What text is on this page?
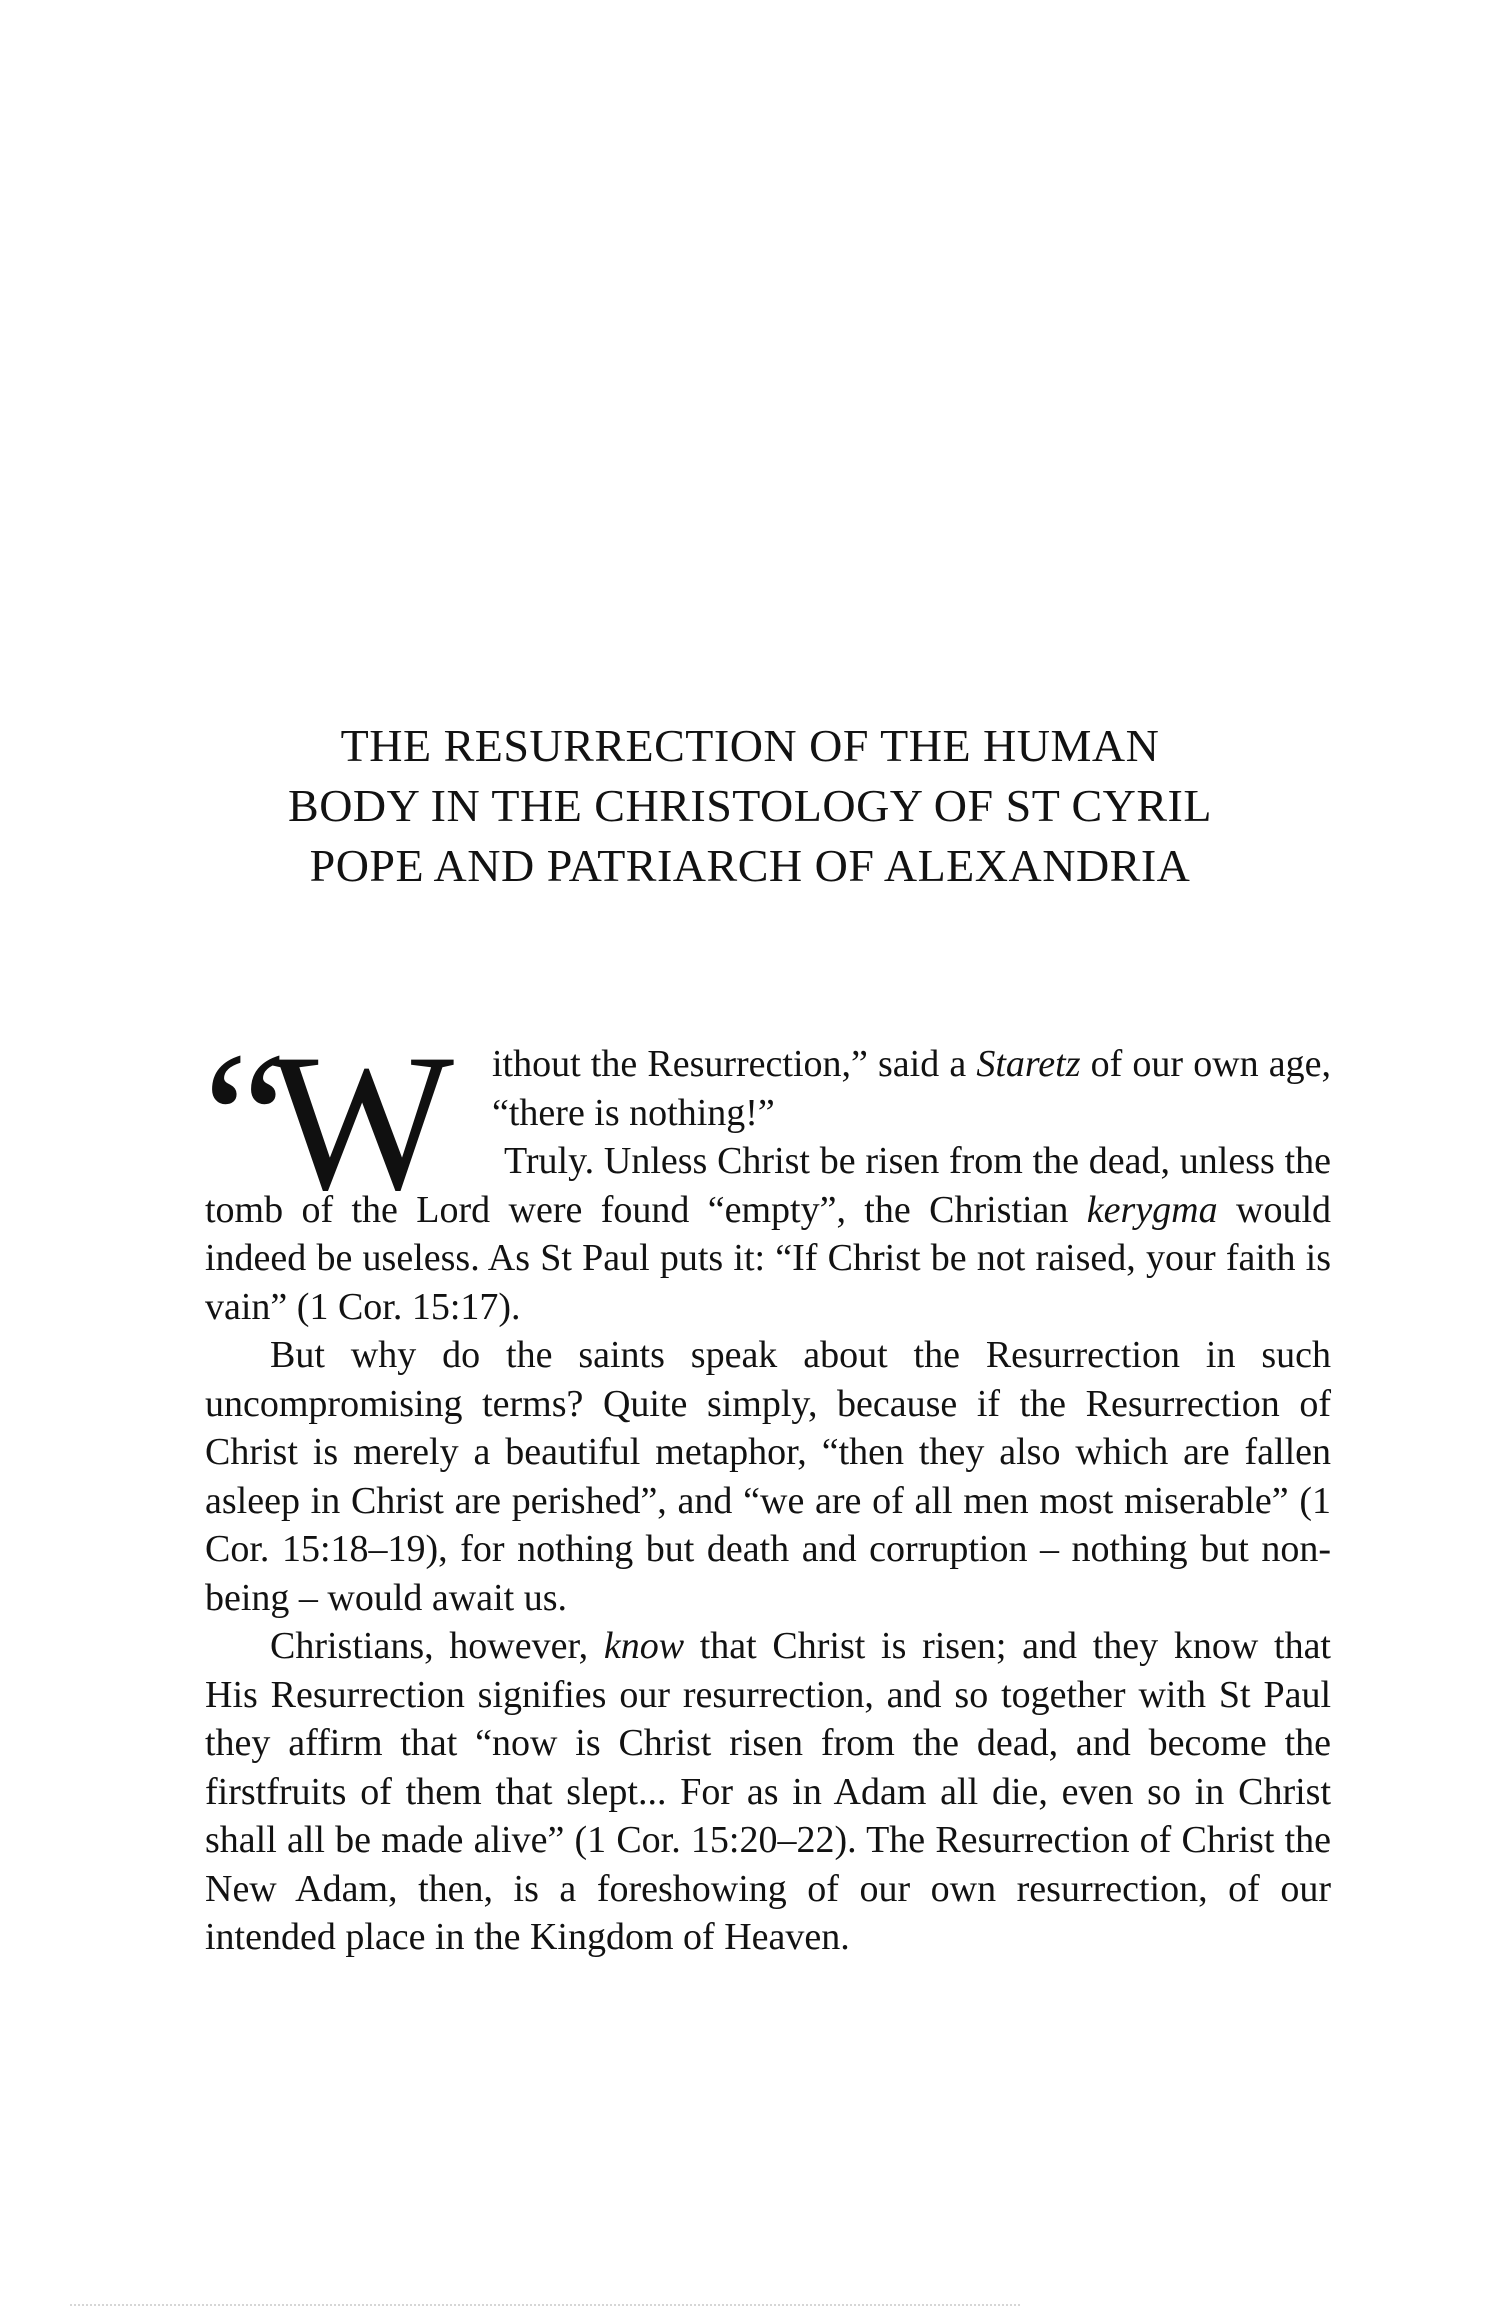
THE RESURRECTION OF THE HUMAN
BODY IN THE CHRISTOLOGY OF ST CYRIL
POPE AND PATRIARCH OF ALEXANDRIA

“
W ithout the Resurrection,” said a Staretz of our own age, “there is nothing!”

Truly. Unless Christ be risen from the dead, unless the tomb of the Lord were found “empty”, the Christian kerygma would indeed be useless. As St Paul puts it: “If Christ be not raised, your faith is vain” (1 Cor. 15:17).

But why do the saints speak about the Resurrection in such uncompromising terms? Quite simply, because if the Resurrection of Christ is merely a beautiful metaphor, “then they also which are fallen asleep in Christ are perished”, and “we are of all men most miserable” (1 Cor. 15:18–19), for nothing but death and corruption – nothing but non-being – would await us.

Christians, however, know that Christ is risen; and they know that His Resurrection signifies our resurrection, and so together with St Paul they affirm that “now is Christ risen from the dead, and become the firstfruits of them that slept... For as in Adam all die, even so in Christ shall all be made alive” (1 Cor. 15:20–22). The Resurrection of Christ the New Adam, then, is a foreshowing of our own resurrection, of our intended place in the Kingdom of Heaven.
